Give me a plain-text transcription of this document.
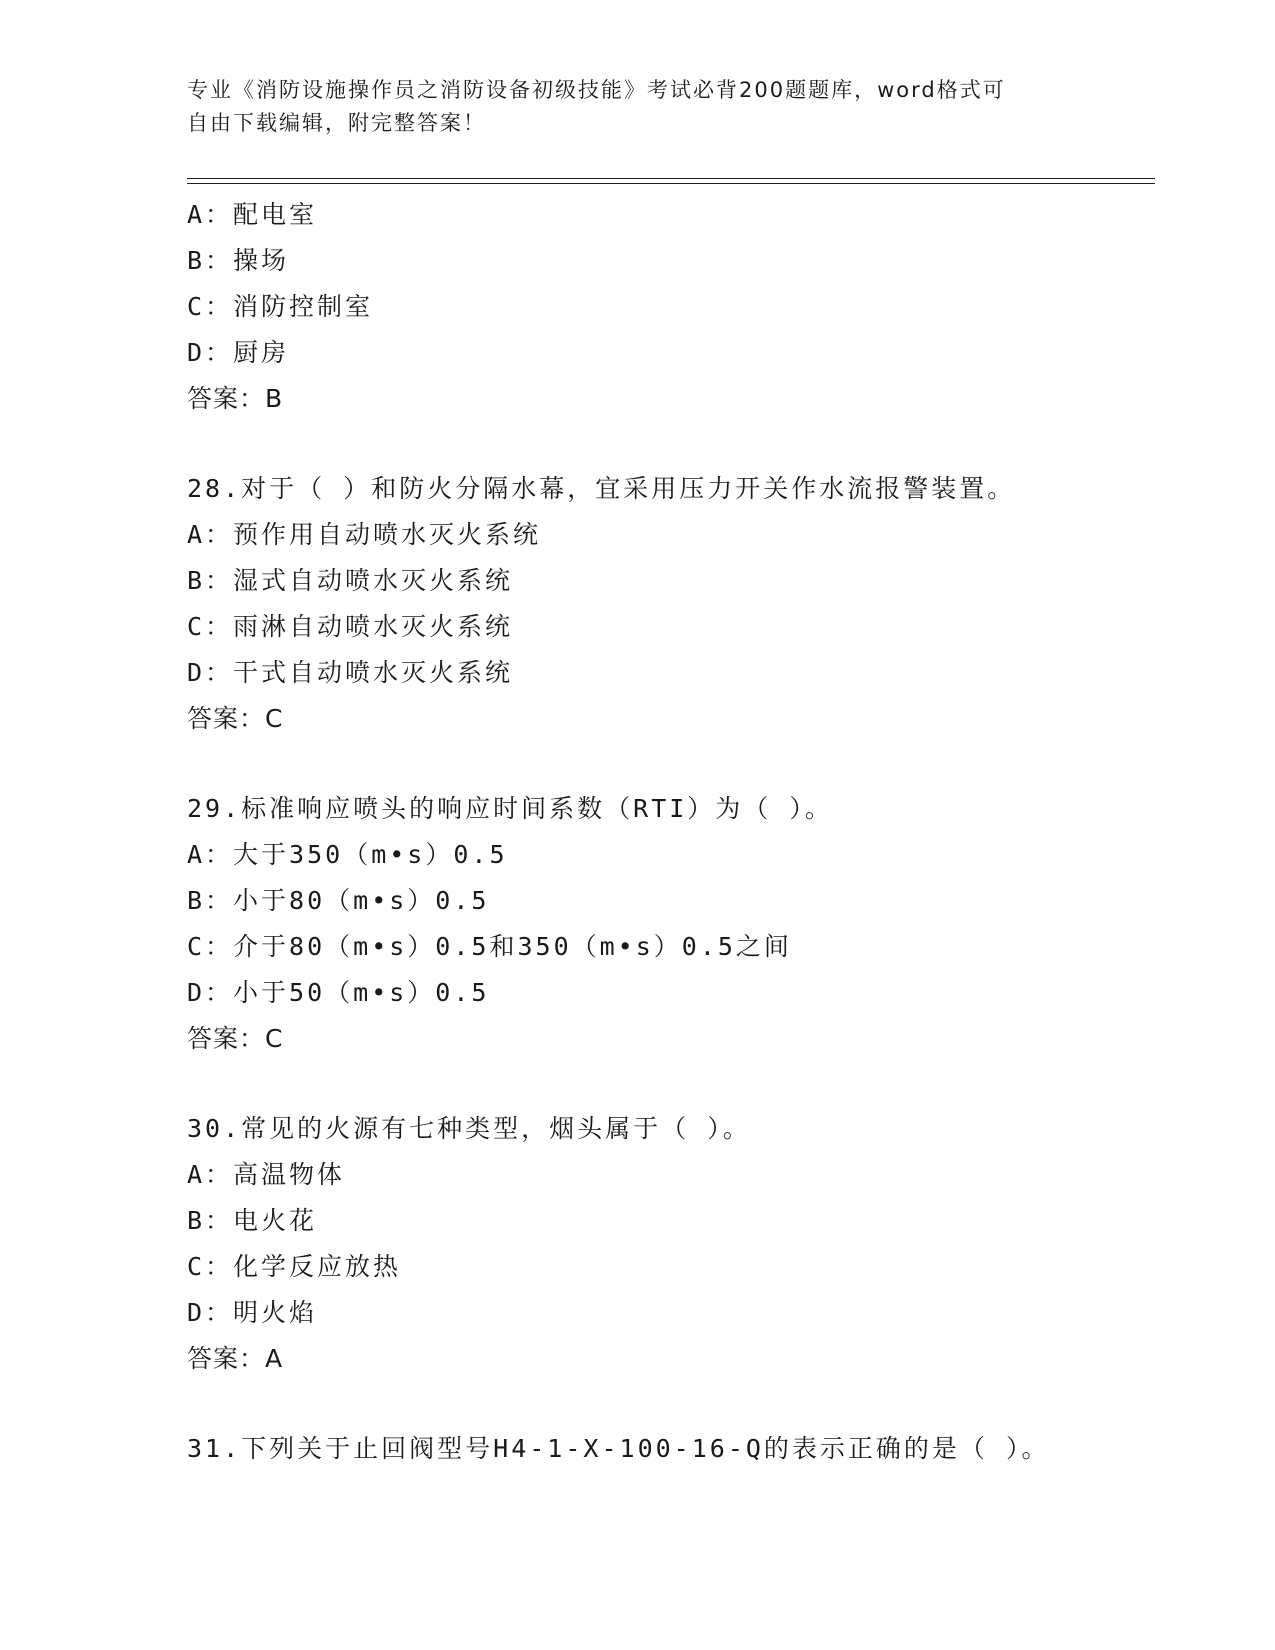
专业《消防设施操作员之消防设备初级技能》考试必背200题题库，word格式可
自由下载编辑，附完整答案！
A：配电室
B：操场
C：消防控制室
D：厨房
答案：B
28.对于（ ）和防火分隔水幕，宜采用压力开关作水流报警装置。
A：预作用自动喷水灭火系统
B：湿式自动喷水灭火系统
C：雨淋自动喷水灭火系统
D：干式自动喷水灭火系统
答案：C
29.标准响应喷头的响应时间系数（RTI）为（ ）。
A：大于350（m•s）0.5
B：小于80（m•s）0.5
C：介于80（m•s）0.5和350（m•s）0.5之间
D：小于50（m•s）0.5
答案：C
30.常见的火源有七种类型，烟头属于（ ）。
A：高温物体
B：电火花
C：化学反应放热
D：明火焰
答案：A
31.下列关于止回阀型号H4-1-X-100-16-Q的表示正确的是（ ）。
